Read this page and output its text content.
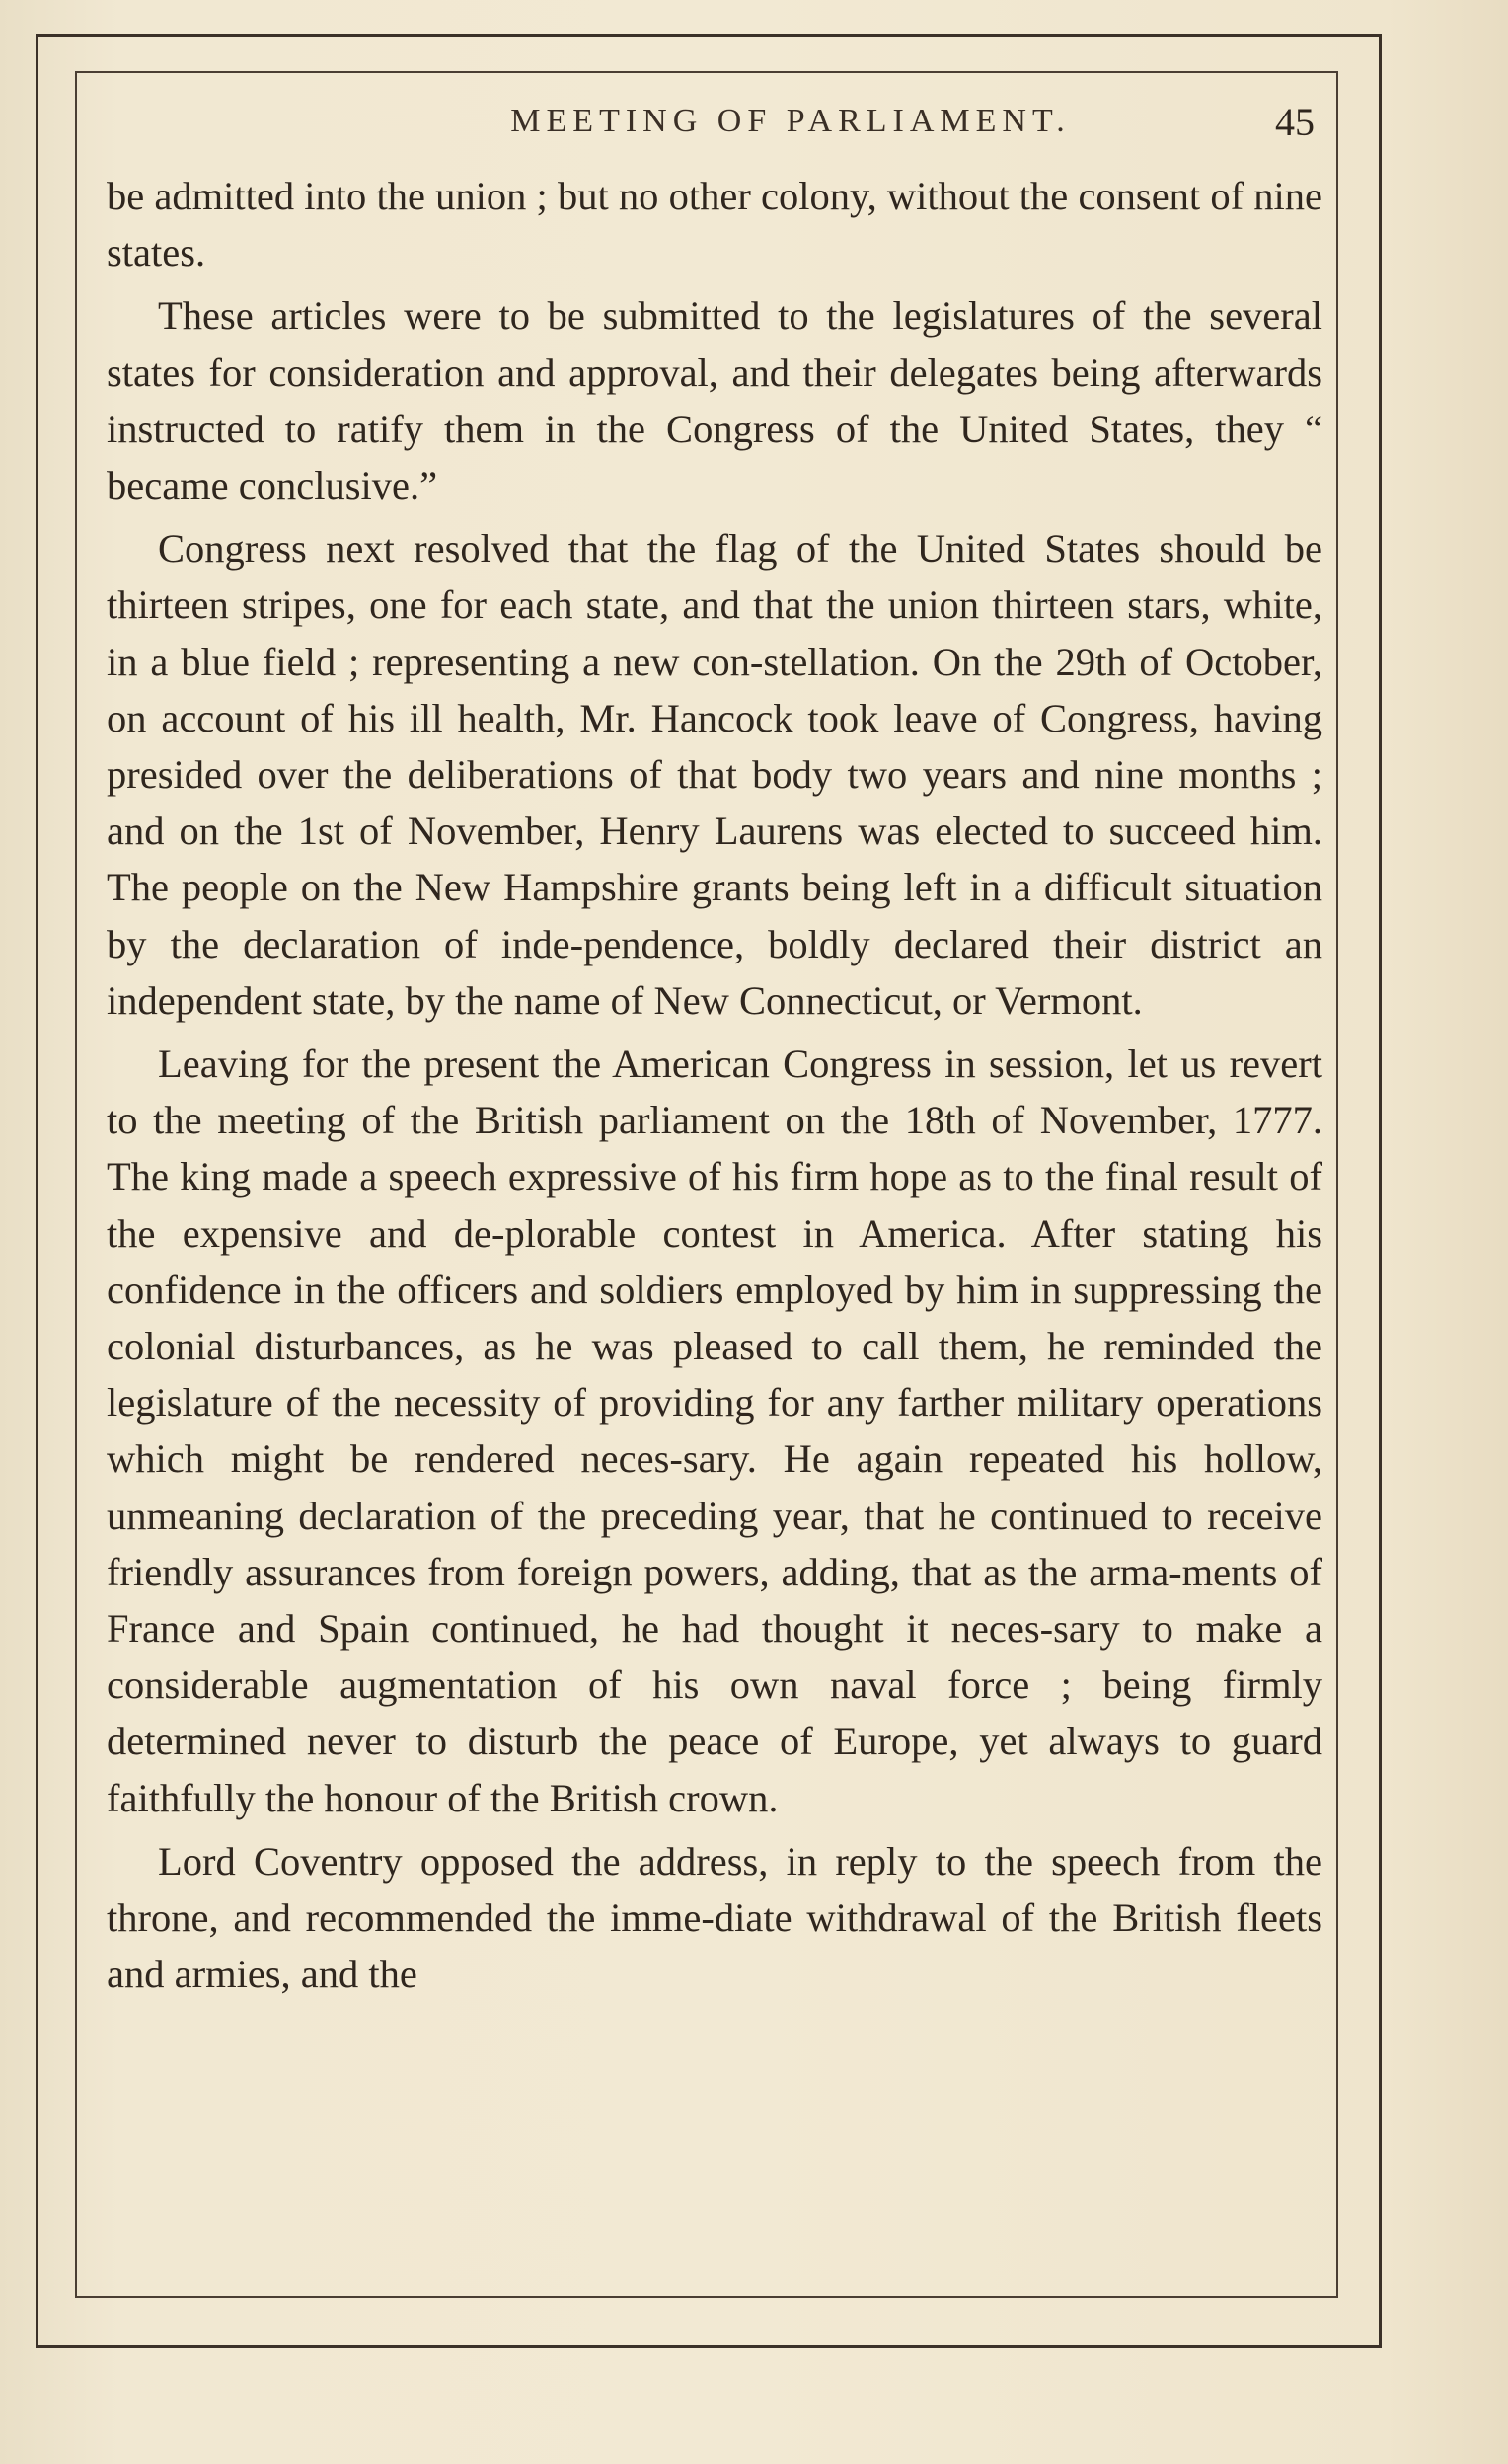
MEETING OF PARLIAMENT.	45

be admitted into the union ; but no other colony, without the consent of nine states.

These articles were to be submitted to the legislatures of the several states for consideration and approval, and their delegates being afterwards instructed to ratify them in the Congress of the United States, they “ became conclusive.”

Congress next resolved that the flag of the United States should be thirteen stripes, one for each state, and that the union thirteen stars, white, in a blue field ; representing a new con-stellation. On the 29th of October, on account of his ill health, Mr. Hancock took leave of Congress, having presided over the deliberations of that body two years and nine months ; and on the 1st of November, Henry Laurens was elected to succeed him. The people on the New Hampshire grants being left in a difficult situation by the declaration of inde-pendence, boldly declared their district an independent state, by the name of New Connecticut, or Vermont.

Leaving for the present the American Congress in session, let us revert to the meeting of the British parliament on the 18th of November, 1777. The king made a speech expressive of his firm hope as to the final result of the expensive and de-plorable contest in America. After stating his confidence in the officers and soldiers employed by him in suppressing the colonial disturbances, as he was pleased to call them, he reminded the legislature of the necessity of providing for any farther military operations which might be rendered neces-sary. He again repeated his hollow, unmeaning declaration of the preceding year, that he continued to receive friendly assurances from foreign powers, adding, that as the arma-ments of France and Spain continued, he had thought it neces-sary to make a considerable augmentation of his own naval force ; being firmly determined never to disturb the peace of Europe, yet always to guard faithfully the honour of the British crown.

Lord Coventry opposed the address, in reply to the speech from the throne, and recommended the imme-diate withdrawal of the British fleets and armies, and the
